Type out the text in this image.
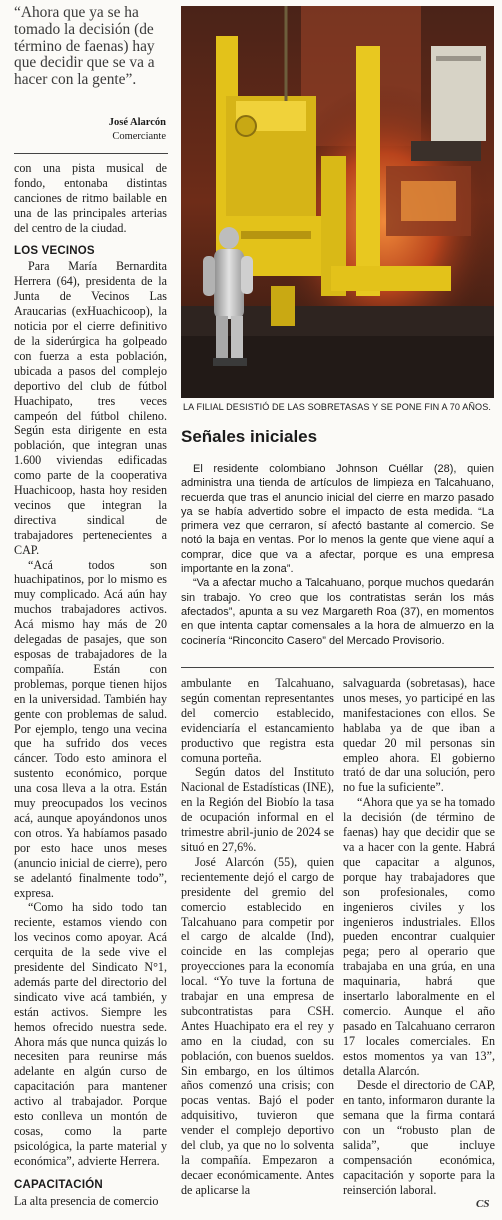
“Ahora que ya se ha tomado la decisión (de término de faenas) hay que decidir que se va a hacer con la gente”.
José Alarcón
Comerciante

con una pista musical de fondo, entonaba distintas canciones de ritmo bailable en una de las principales arterias del centro de la ciudad.

LOS VECINOS

Para María Bernardita Herrera (64), presidenta de la Junta de Vecinos Las Araucarias (exHuachicoop), la noticia por el cierre definitivo de la siderúrgica ha golpeado con fuerza a esta población, ubicada a pasos del complejo deportivo del club de fútbol Huachipato, tres veces campeón del fútbol chileno. Según esta dirigente en esta población, que integran unas 1.600 viviendas edificadas como parte de la cooperativa Huachicoop, hasta hoy residen vecinos que integran la directiva sindical de trabajadores pertenecientes a CAP.

“Acá todos son huachipatinos, por lo mismo es muy complicado. Acá aún hay muchos trabajadores activos. Acá mismo hay más de 20 delegadas de pasajes, que son esposas de trabajadores de la compañía. Están con problemas, porque tienen hijos en la universidad. También hay gente con problemas de salud. Por ejemplo, tengo una vecina que ha sufrido dos veces cáncer. Todo esto aminora el sustento económico, porque una cosa lleva a la otra. Están muy preocupados los vecinos acá, aunque apoyándonos unos con otros. Ya habíamos pasado por esto hace unos meses (anuncio inicial de cierre), pero se adelantó finalmente todo”, expresa.

“Como ha sido todo tan reciente, estamos viendo con los vecinos como apoyar. Acá cerquita de la sede vive el presidente del Sindicato N°1, además parte del directorio del sindicato vive acá también, y están activos. Siempre les hemos ofrecido nuestra sede. Ahora más que nunca quizás lo necesiten para reunirse más adelante en algún curso de capacitación para mantener activo al trabajador. Porque esto conlleva un montón de cosas, como la parte psicológica, la parte material y económica”, advierte Herrera.

CAPACITACIÓN

La alta presencia de comercio

LA FILIAL DESISTIÓ DE LAS SOBRETASAS Y SE PONE FIN A 70 AÑOS.
Señales iniciales

El residente colombiano Johnson Cuéllar (28), quien administra una tienda de artículos de limpieza en Talcahuano, recuerda que tras el anuncio inicial del cierre en marzo pasado ya se había advertido sobre el impacto de esta medida. “La primera vez que cerraron, sí afectó bastante al comercio. Se notó la baja en ventas. Por lo menos la gente que viene aquí a comprar, dice que va a afectar, porque es una empresa importante en la zona”.

“Va a afectar mucho a Talcahuano, porque muchos quedarán sin trabajo. Yo creo que los contratistas serán los más afectados”, apunta a su vez Margareth Roa (37), en momentos en que intenta captar comensales a la hora de almuerzo en la cocinería “Rinconcito Casero” del Mercado Provisorio.

ambulante en Talcahuano, según comentan representantes del comercio establecido, evidenciaría el estancamiento productivo que registra esta comuna porteña.

Según datos del Instituto Nacional de Estadísticas (INE), en la Región del Biobío la tasa de ocupación informal en el trimestre abril-junio de 2024 se situó en 27,6%.

José Alarcón (55), quien recientemente dejó el cargo de presidente del gremio del comercio establecido en Talcahuano para competir por el cargo de alcalde (Ind), coincide en las complejas proyecciones para la economía local. “Yo tuve la fortuna de trabajar en una empresa de subcontratistas para CSH. Antes Huachipato era el rey y amo en la ciudad, con su población, con buenos sueldos. Sin embargo, en los últimos años comenzó una crisis; con pocas ventas. Bajó el poder adquisitivo, tuvieron que vender el complejo deportivo del club, ya que no lo solventa la compañía. Empezaron a decaer económicamente. Antes de aplicarse la

salvaguarda (sobretasas), hace unos meses, yo participé en las manifestaciones con ellos. Se hablaba ya de que iban a quedar 20 mil personas sin empleo ahora. El gobierno trató de dar una solución, pero no fue la suficiente”.

“Ahora que ya se ha tomado la decisión (de término de faenas) hay que decidir que se va a hacer con la gente. Habrá que capacitar a algunos, porque hay trabajadores que son profesionales, como ingenieros civiles y los ingenieros industriales. Ellos pueden encontrar cualquier pega; pero al operario que trabajaba en una grúa, en una maquinaria, habrá que insertarlo laboralmente en el comercio. Aunque el año pasado en Talcahuano cerraron 17 locales comerciales. En estos momentos ya van 13”, detalla Alarcón.

Desde el directorio de CAP, en tanto, informaron durante la semana que la firma contará con un “robusto plan de salida”, que incluye compensación económica, capacitación y soporte para la reinserción laboral.

CS
